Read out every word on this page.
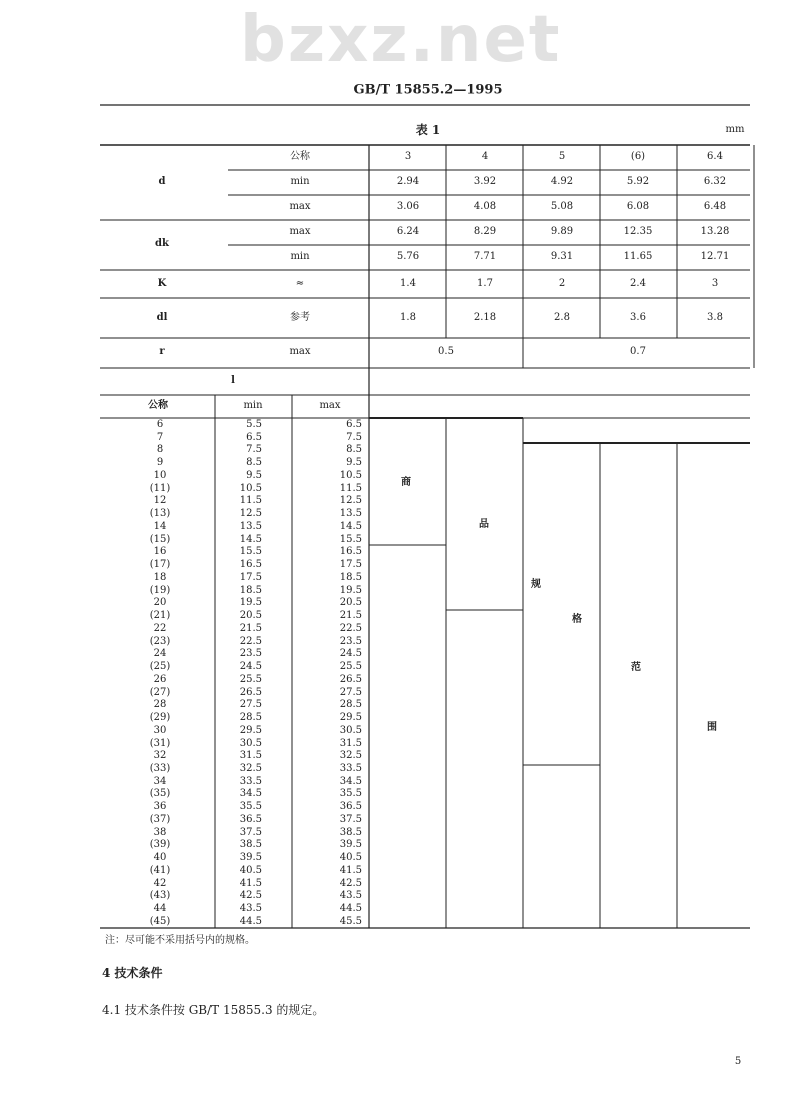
bzxz.net
GB/T 15855.2—1995
表 1	mm
d
公称	3	4	5	(6)	6.4
min	2.94	3.92	4.92	5.92	6.32
max	3.06	4.08	5.08	6.08	6.48
dk
max	6.24	8.29	9.89	12.35	13.28
min	5.76	7.71	9.31	11.65	12.71
K	≈	1.4	1.7	2	2.4	3
dl	参考	1.8	2.18	2.8	3.6	3.8
r	max	0.5	0.7
l
公称	min	max
6	5.5	6.5
7	6.5	7.5
8	7.5	8.5
9	8.5	9.5
10	9.5	10.5
(11)	10.5	11.5
12	11.5	12.5
(13)	12.5	13.5
14	13.5	14.5
(15)	14.5	15.5
16	15.5	16.5
(17)	16.5	17.5
18	17.5	18.5
(19)	18.5	19.5
20	19.5	20.5
(21)	20.5	21.5
22	21.5	22.5
(23)	22.5	23.5
24	23.5	24.5
(25)	24.5	25.5
26	25.5	26.5
(27)	26.5	27.5
28	27.5	28.5
(29)	28.5	29.5
30	29.5	30.5
(31)	30.5	31.5
32	31.5	32.5
(33)	32.5	33.5
34	33.5	34.5
(35)	34.5	35.5
36	35.5	36.5
(37)	36.5	37.5
38	37.5	38.5
(39)	38.5	39.5
40	39.5	40.5
(41)	40.5	41.5
42	41.5	42.5
(43)	42.5	43.5
44	43.5	44.5
(45)	44.5	45.5
商
品
规
格
范
围
注：尽可能不采用括号内的规格。
4 技术条件
4.1 技术条件按 GB/T 15855.3 的规定。
5
